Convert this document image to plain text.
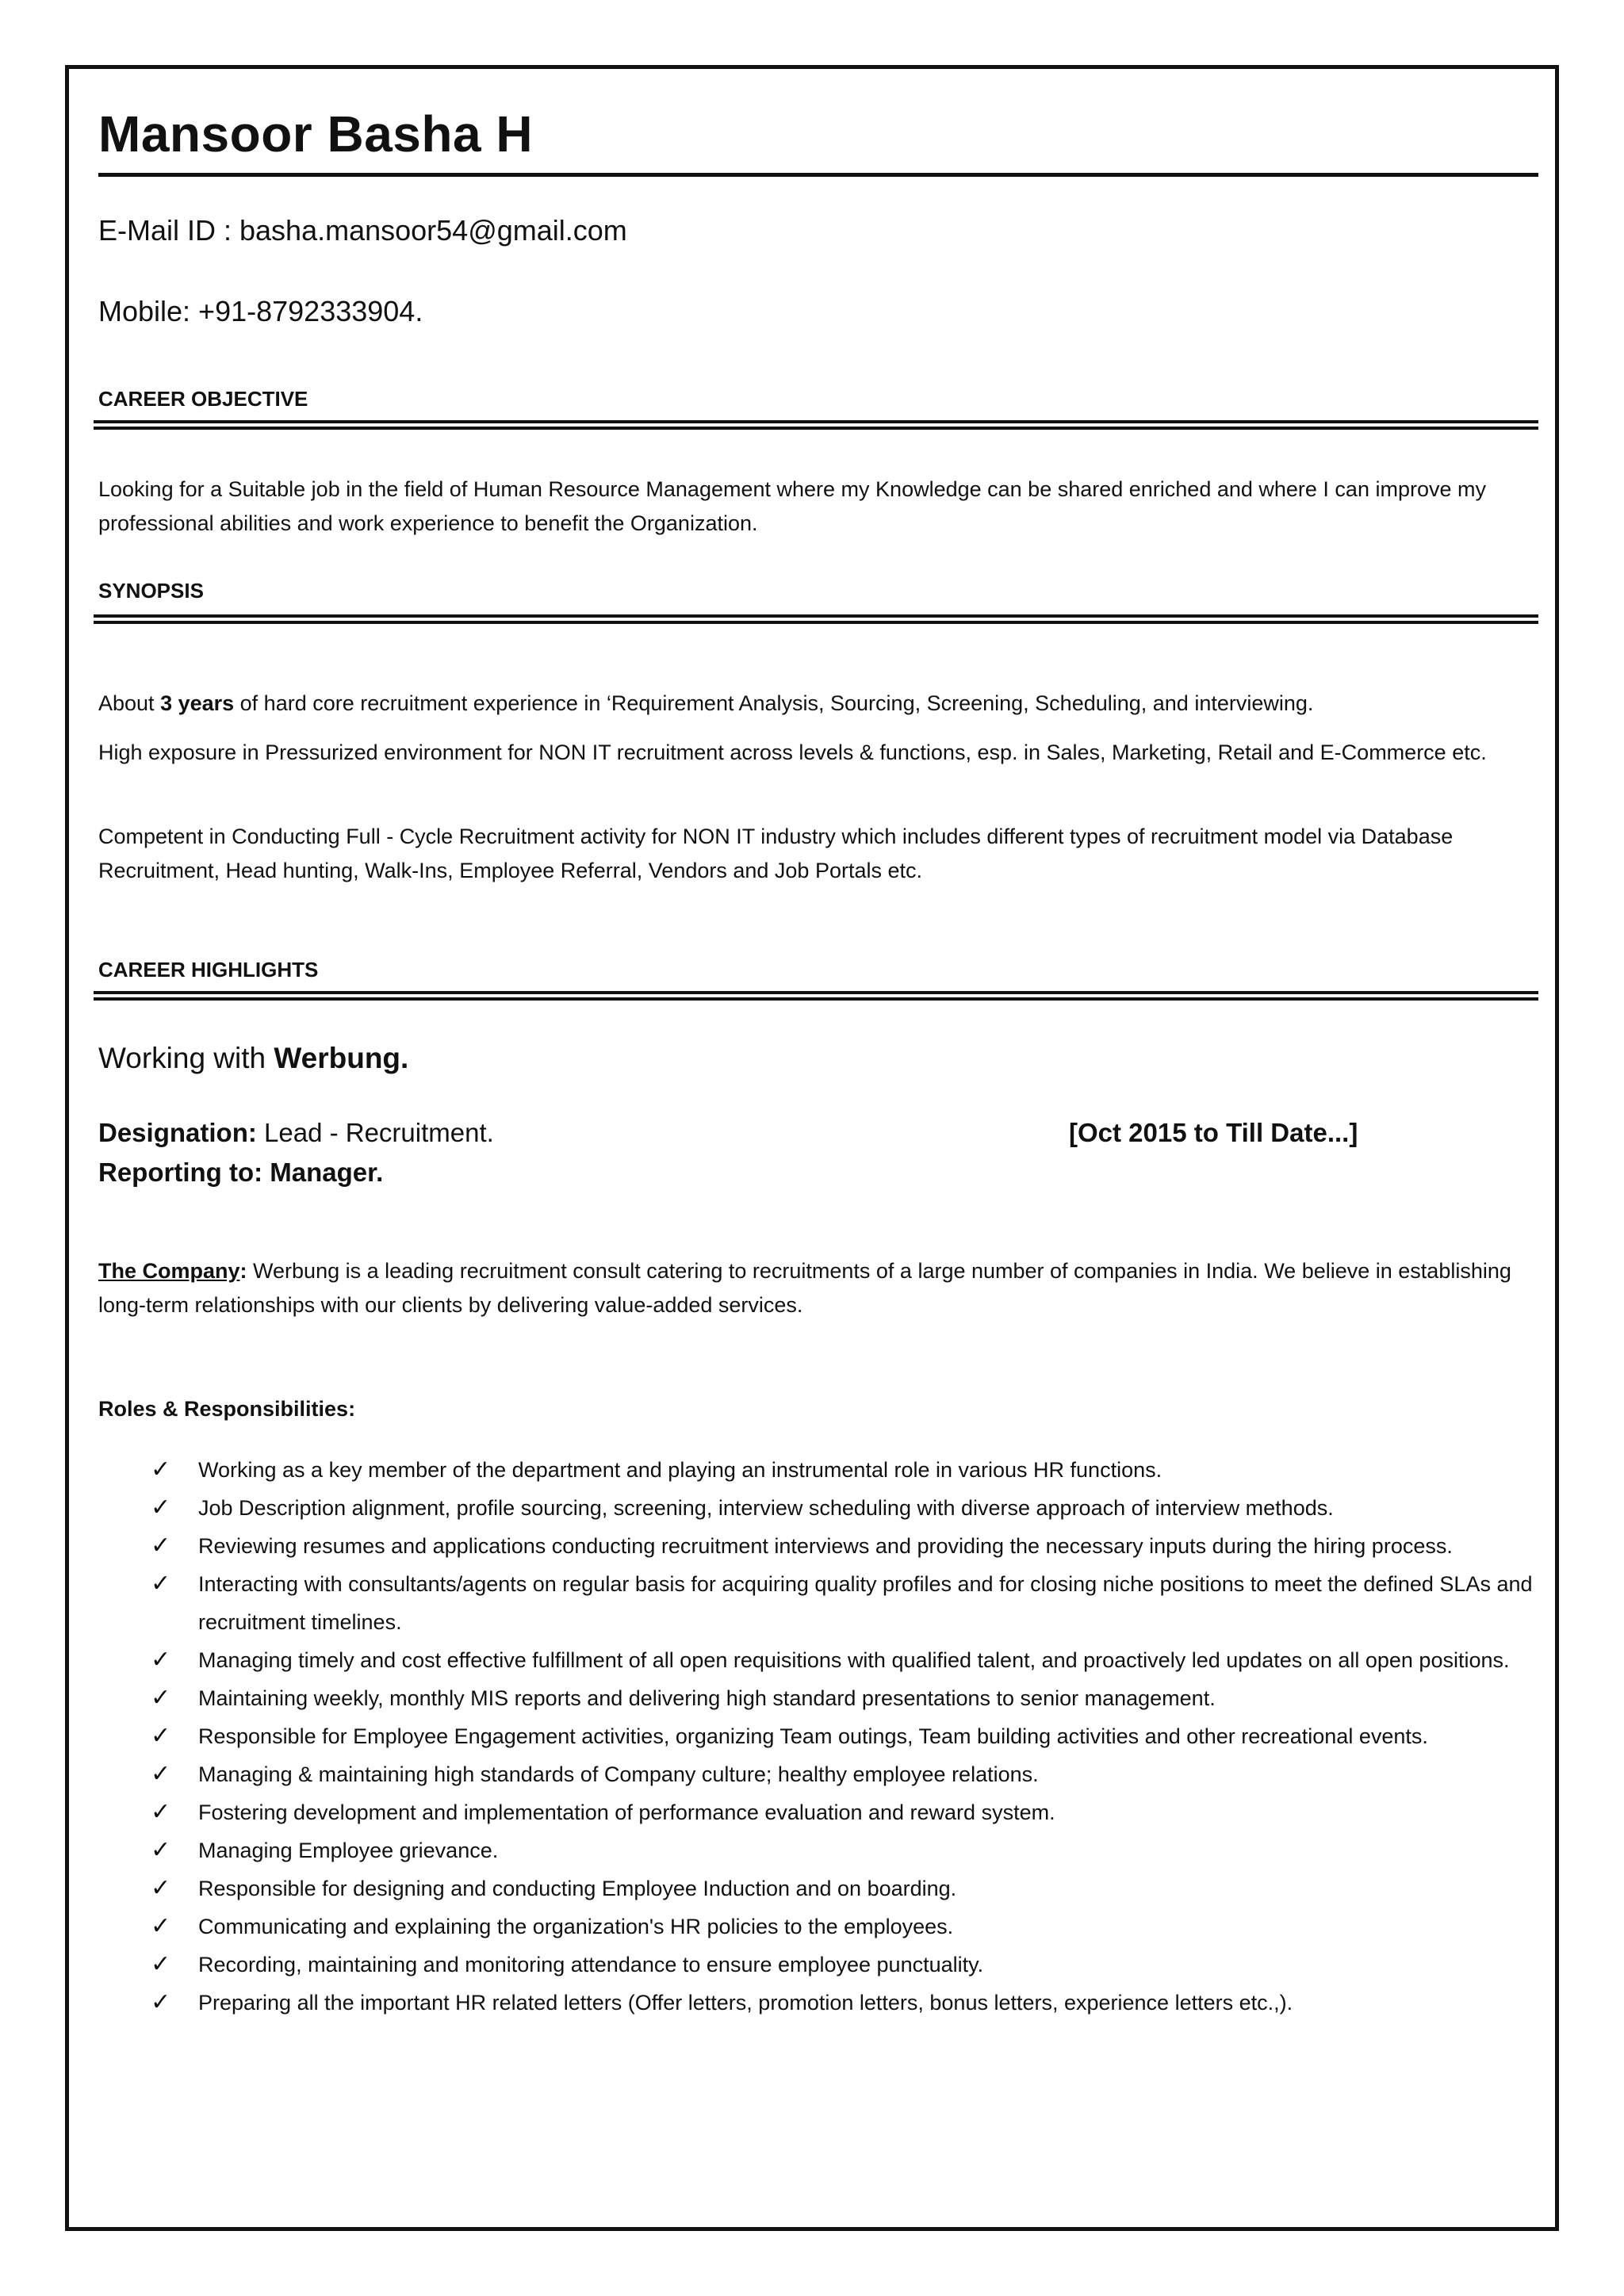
Mansoor Basha H
E-Mail ID : basha.mansoor54@gmail.com
Mobile: +91-8792333904.
CAREER OBJECTIVE
Looking for a Suitable job in the field of Human Resource Management where my Knowledge can be shared enriched and where I can improve my professional abilities and work experience to benefit the Organization.
SYNOPSIS
About 3 years of hard core recruitment experience in ‘Requirement Analysis, Sourcing, Screening, Scheduling, and interviewing.
High exposure in Pressurized environment for NON IT recruitment across levels & functions, esp. in Sales, Marketing, Retail and E-Commerce etc.
Competent in Conducting Full - Cycle Recruitment activity for NON IT industry which includes different types of recruitment model via Database Recruitment, Head hunting, Walk-Ins, Employee Referral, Vendors and Job Portals etc.
CAREER HIGHLIGHTS
Working with Werbung.
Designation: Lead - Recruitment.	[Oct 2015 to Till Date...]
Reporting to: Manager.
The Company: Werbung is a leading recruitment consult catering to recruitments of a large number of companies in India. We believe in establishing long-term relationships with our clients by delivering value-added services.
Roles & Responsibilities:
✓ Working as a key member of the department and playing an instrumental role in various HR functions.
✓ Job Description alignment, profile sourcing, screening, interview scheduling with diverse approach of interview methods.
✓ Reviewing resumes and applications conducting recruitment interviews and providing the necessary inputs during the hiring process.
✓ Interacting with consultants/agents on regular basis for acquiring quality profiles and for closing niche positions to meet the defined SLAs and recruitment timelines.
✓ Managing timely and cost effective fulfillment of all open requisitions with qualified talent, and proactively led updates on all open positions.
✓ Maintaining weekly, monthly MIS reports and delivering high standard presentations to senior management.
✓ Responsible for Employee Engagement activities, organizing Team outings, Team building activities and other recreational events.
✓ Managing & maintaining high standards of Company culture; healthy employee relations.
✓ Fostering development and implementation of performance evaluation and reward system.
✓ Managing Employee grievance.
✓ Responsible for designing and conducting Employee Induction and on boarding.
✓ Communicating and explaining the organization's HR policies to the employees.
✓ Recording, maintaining and monitoring attendance to ensure employee punctuality.
✓ Preparing all the important HR related letters (Offer letters, promotion letters, bonus letters, experience letters etc.,).
